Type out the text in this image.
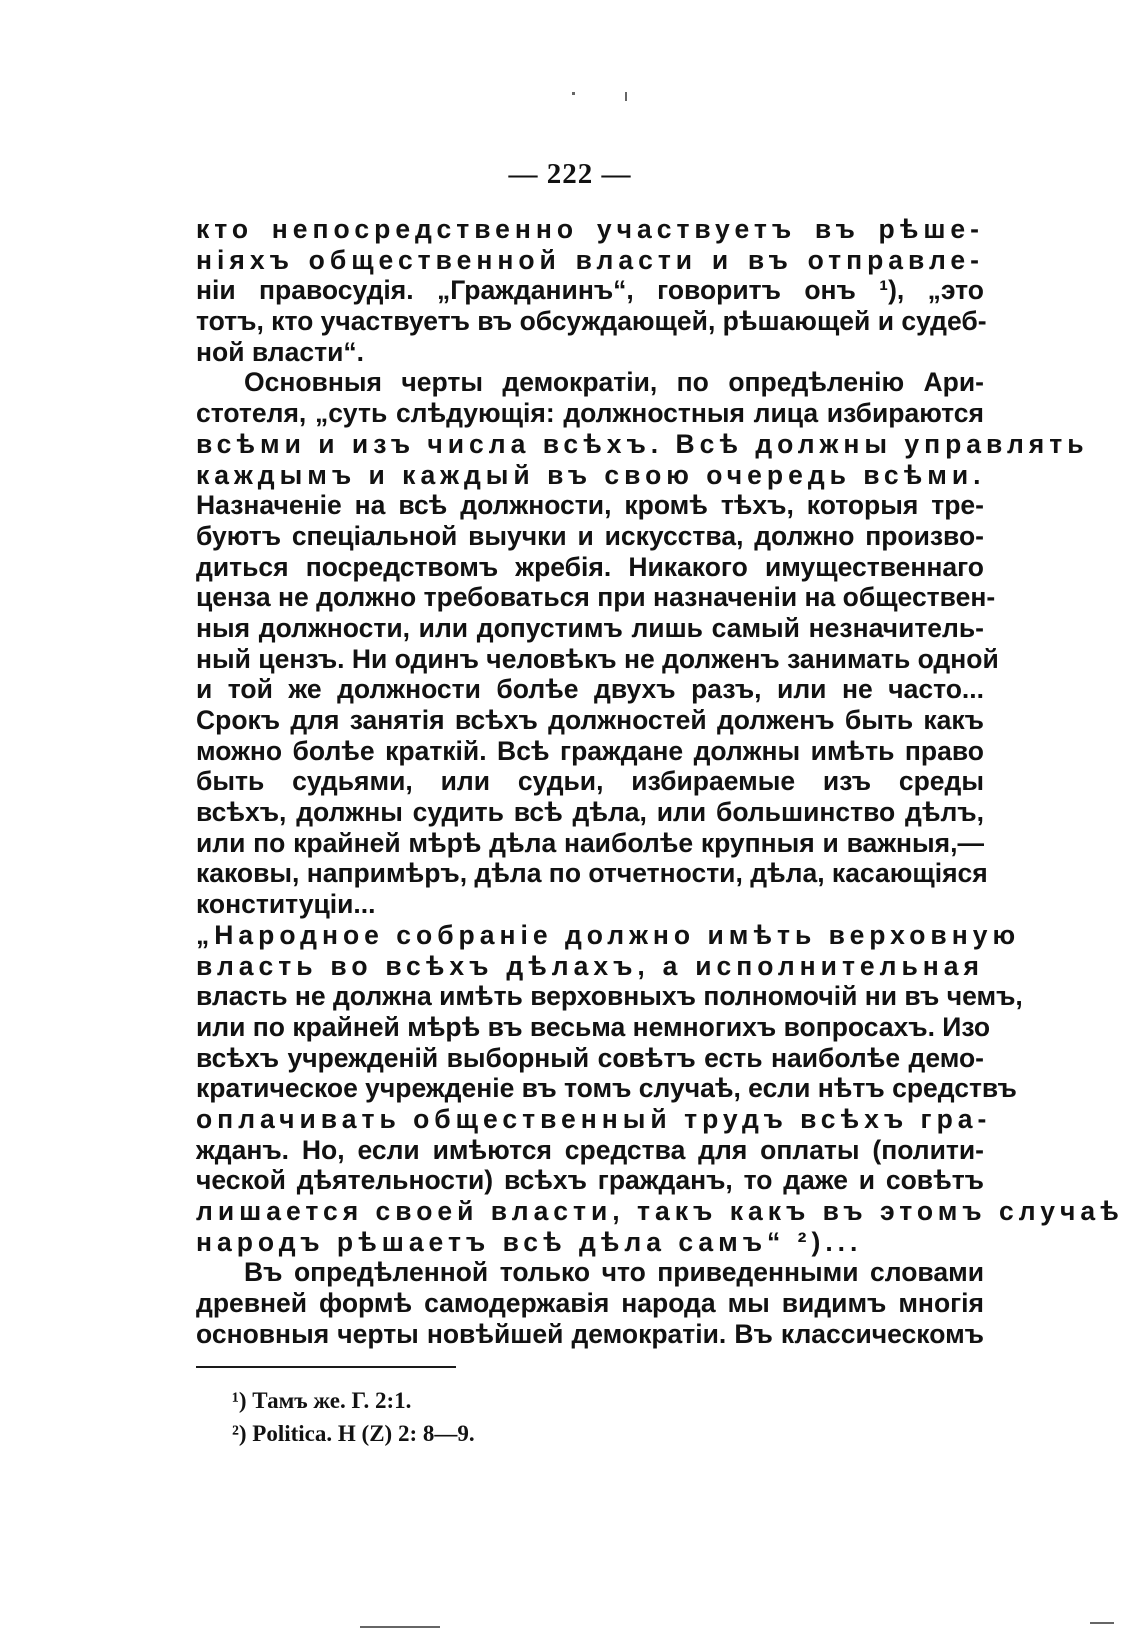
— 222 —
кто непосредственно участвуетъ въ рѣше-
ніяхъ общественной власти и въ отправле-
ніи правосудія. „Гражданинъ“, говоритъ онъ ¹), „это
тотъ, кто участвуетъ въ обсуждающей, рѣшающей и судеб-
ной власти“.
Основныя черты демократіи, по опредѣленію Ари-
стотеля, „суть слѣдующія: должностныя лица избираются
всѣми и изъ числа всѣхъ. Всѣ должны управлять
каждымъ и каждый въ свою очередь всѣми.
Назначеніе на всѣ должности, кромѣ тѣхъ, которыя тре-
буютъ спеціальной выучки и искусства, должно произво-
диться посредствомъ жребія. Никакого имущественнаго
ценза не должно требоваться при назначеніи на обществен-
ныя должности, или допустимъ лишь самый незначитель-
ный цензъ. Ни одинъ человѣкъ не долженъ занимать одной
и той же должности болѣе двухъ разъ, или не часто...
Срокъ для занятія всѣхъ должностей долженъ быть какъ
можно болѣе краткій. Всѣ граждане должны имѣть право
быть судьями, или судьи, избираемые изъ среды
всѣхъ, должны судить всѣ дѣла, или большинство дѣлъ,
или по крайней мѣрѣ дѣла наиболѣе крупныя и важныя,—
каковы, напримѣръ, дѣла по отчетности, дѣла, касающіяся
конституціи...
„Народное собраніе должно имѣть верховную
власть во всѣхъ дѣлахъ, а исполнительная
власть не должна имѣть верховныхъ полномочій ни въ чемъ,
или по крайней мѣрѣ въ весьма немногихъ вопросахъ. Изо
всѣхъ учрежденій выборный совѣтъ есть наиболѣе демо-
кратическое учрежденіе въ томъ случаѣ, если нѣтъ средствъ
оплачивать общественный трудъ всѣхъ гра-
жданъ. Но, если имѣются средства для оплаты (полити-
ческой дѣятельности) всѣхъ гражданъ, то даже и совѣтъ
лишается своей власти, такъ какъ въ этомъ случаѣ
народъ рѣшаетъ всѣ дѣла самъ“ ²)...
Въ опредѣленной только что приведенными словами
древней формѣ самодержавія народа мы видимъ многія
основныя черты новѣйшей демократіи. Въ классическомъ
¹) Тамъ же. Г. 2:1.
²) Politica. H (Z) 2: 8—9.
